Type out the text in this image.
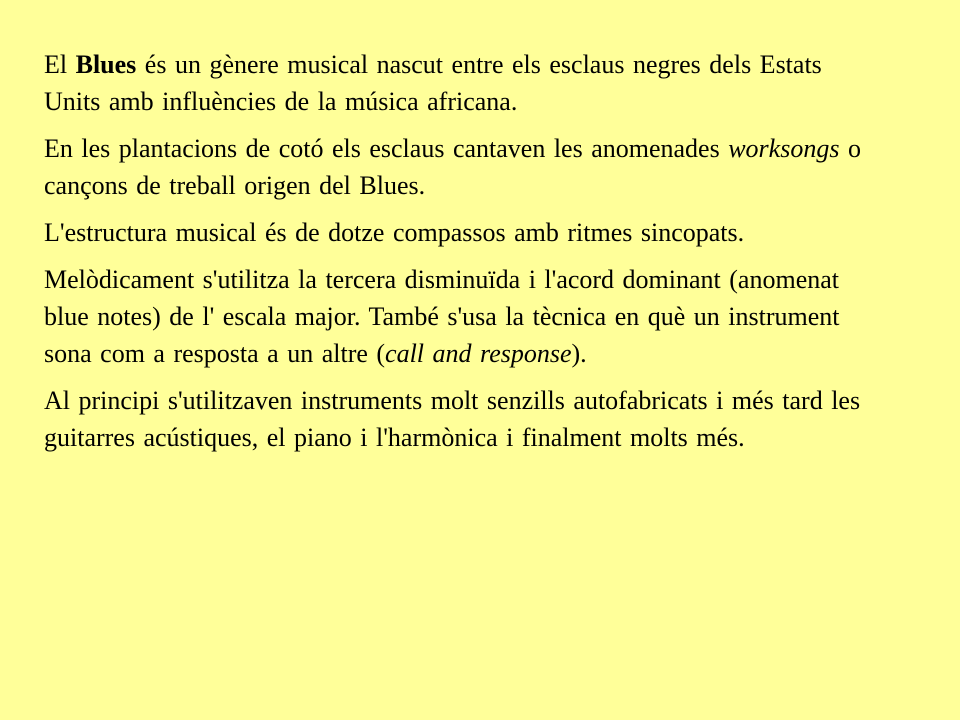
El Blues és un gènere musical nascut entre els esclaus negres dels Estats Units amb influències de la música africana.

En les plantacions de cotó els esclaus cantaven les anomenades worksongs o cançons de treball origen del Blues.

L'estructura musical és de dotze compassos amb ritmes sincopats.

Melòdicament s'utilitza la tercera disminuïda i l'acord dominant (anomenat blue notes) de l' escala major. També s'usa la tècnica en què un instrument sona com a resposta a un altre (call and response).

Al principi s'utilitzaven instruments molt senzills autofabricats i més tard les guitarres acústiques, el piano i l'harmònica i finalment molts més.
